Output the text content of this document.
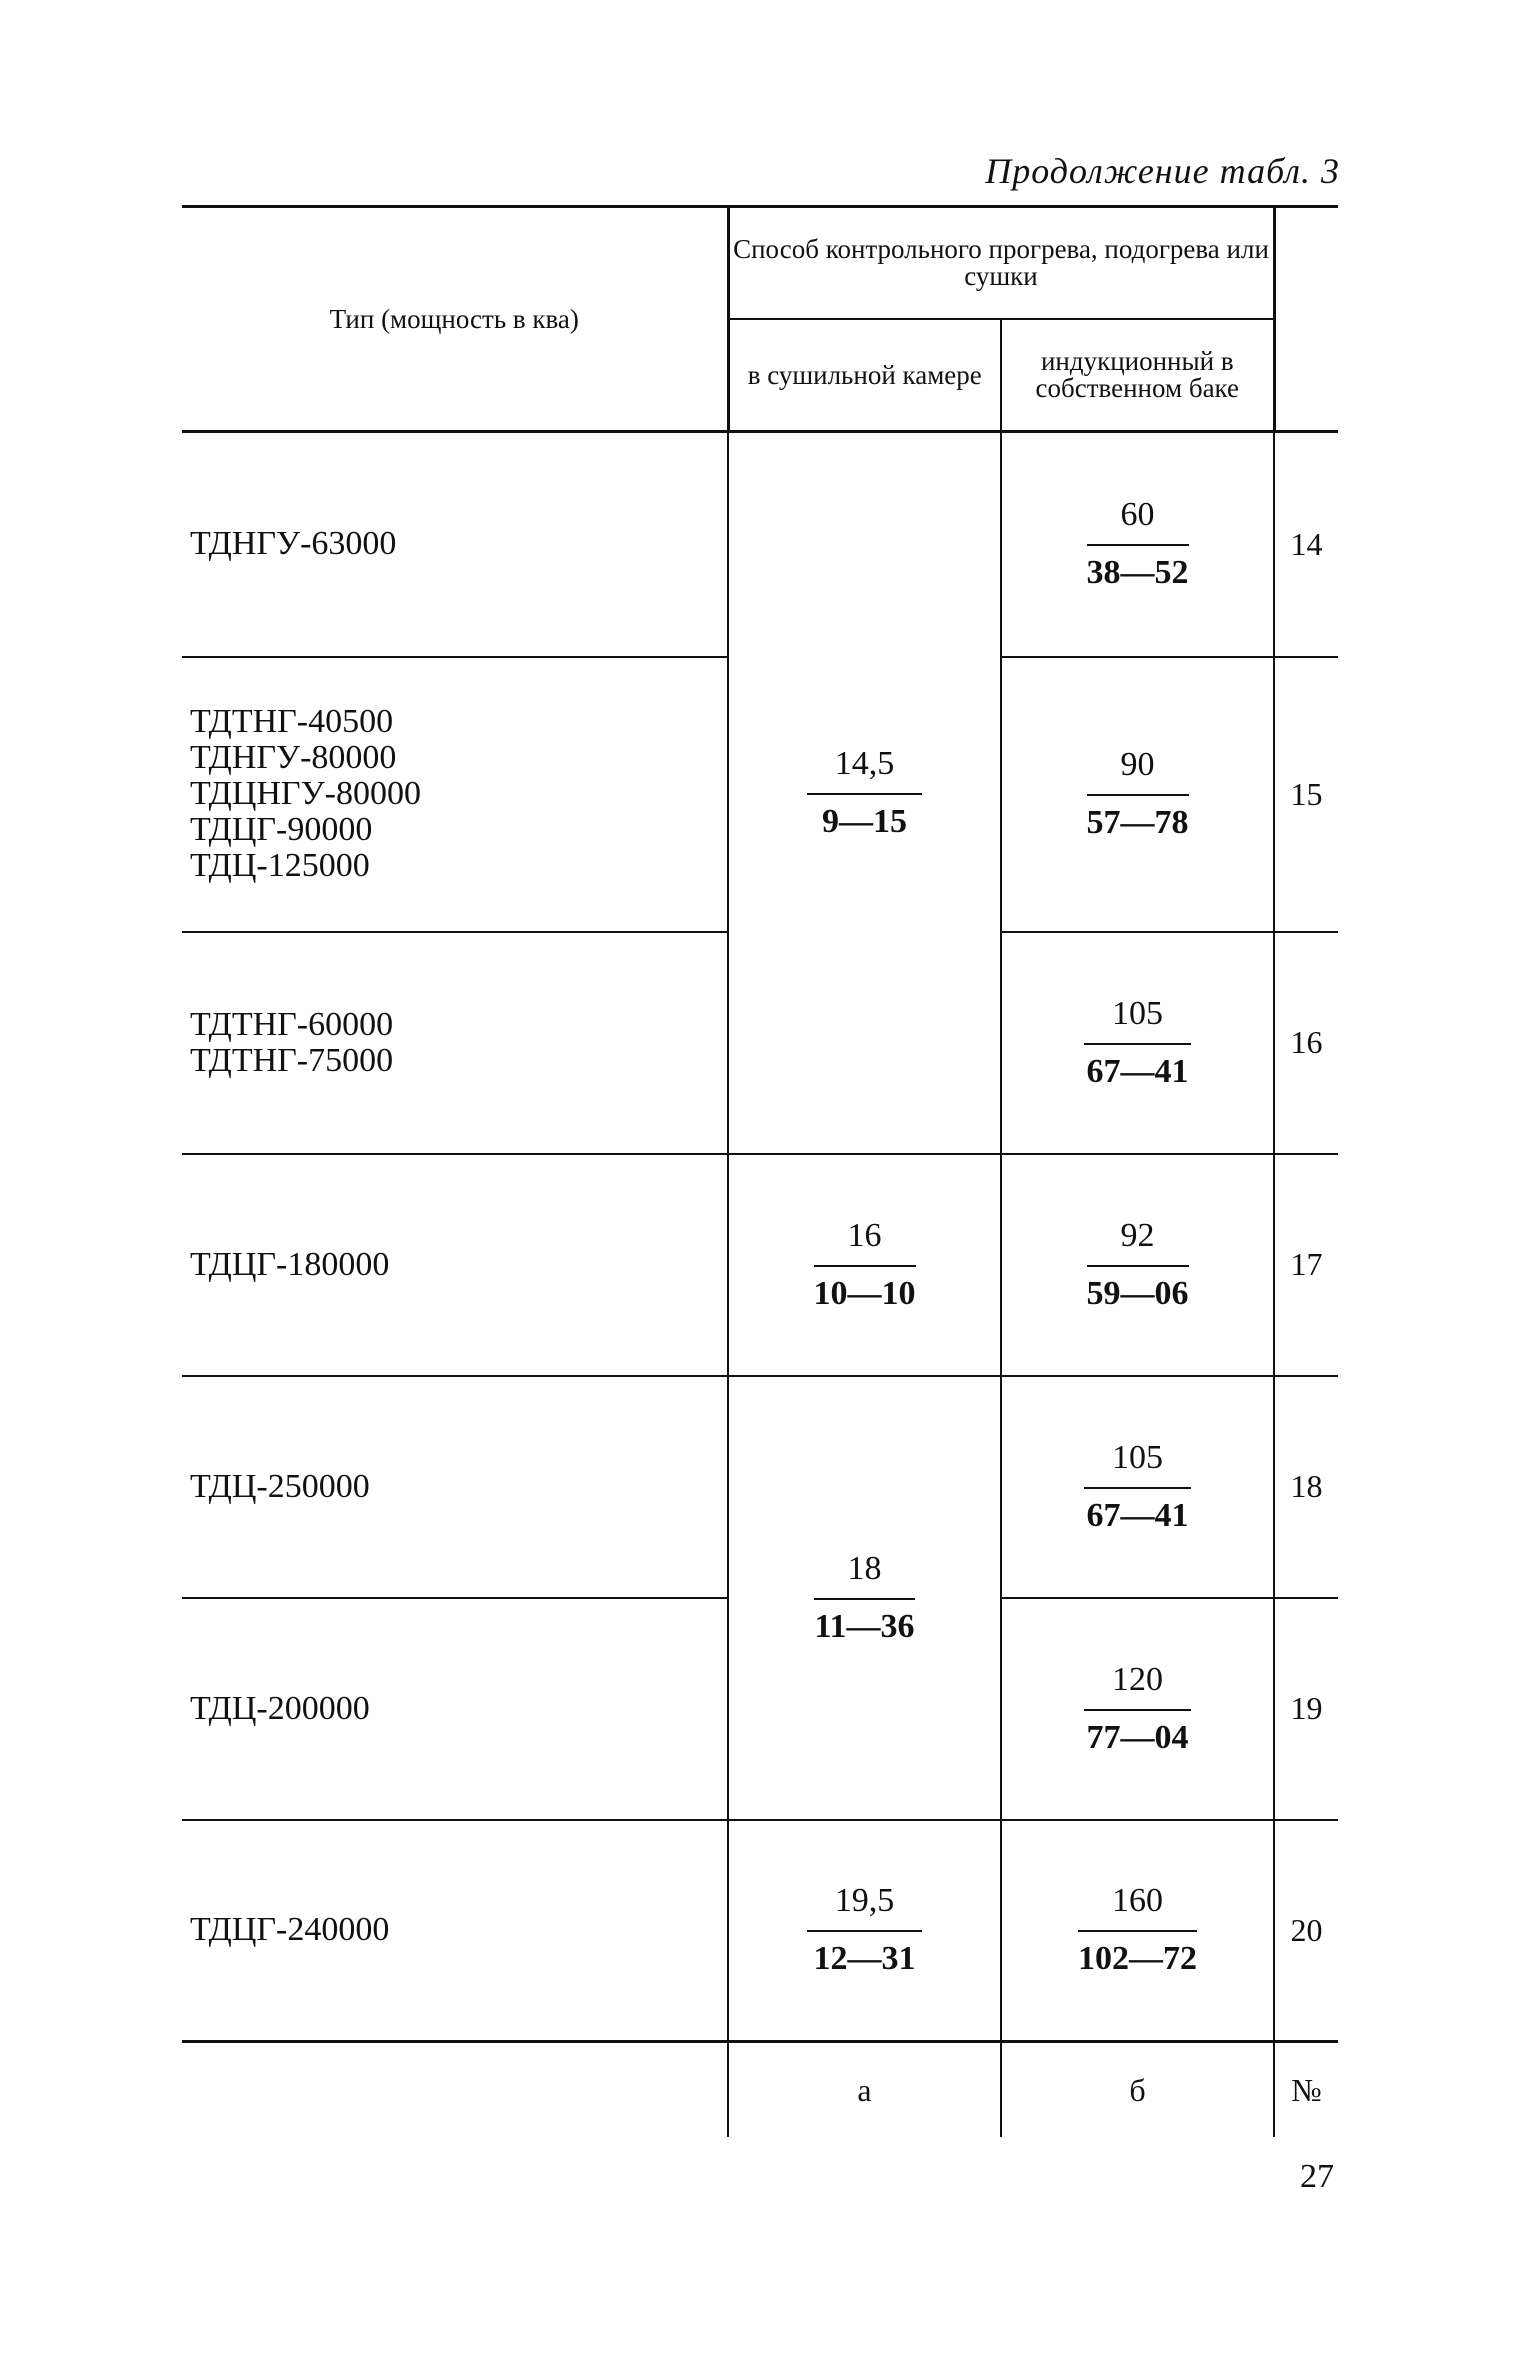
Продолжение табл. 3
Тип (мощность в ква)	Способ контрольного прогрева, подогрева или сушки		
	в сушильной камере	индукционный в собственном баке	
ТДНГУ-63000	$\frac{14,5}{9—15}$	$\frac{60}{38—52}$	14
ТДТНГ-40500
ТДНГУ-80000
ТДЦНГУ-80000
ТДЦГ-90000
ТДЦ-125000		$\frac{90}{57—78}$	15
ТДТНГ-60000
ТДТНГ-75000		$\frac{105}{67—41}$	16
ТДЦГ-180000	$\frac{16}{10—10}$	$\frac{92}{59—06}$	17
ТДЦ-250000	$\frac{18}{11—36}$	$\frac{105}{67—41}$	18
ТДЦ-200000		$\frac{120}{77—04}$	19
ТДЦГ-240000	$\frac{19,5}{12—31}$	$\frac{160}{102—72}$	20
	а	б	№
27
